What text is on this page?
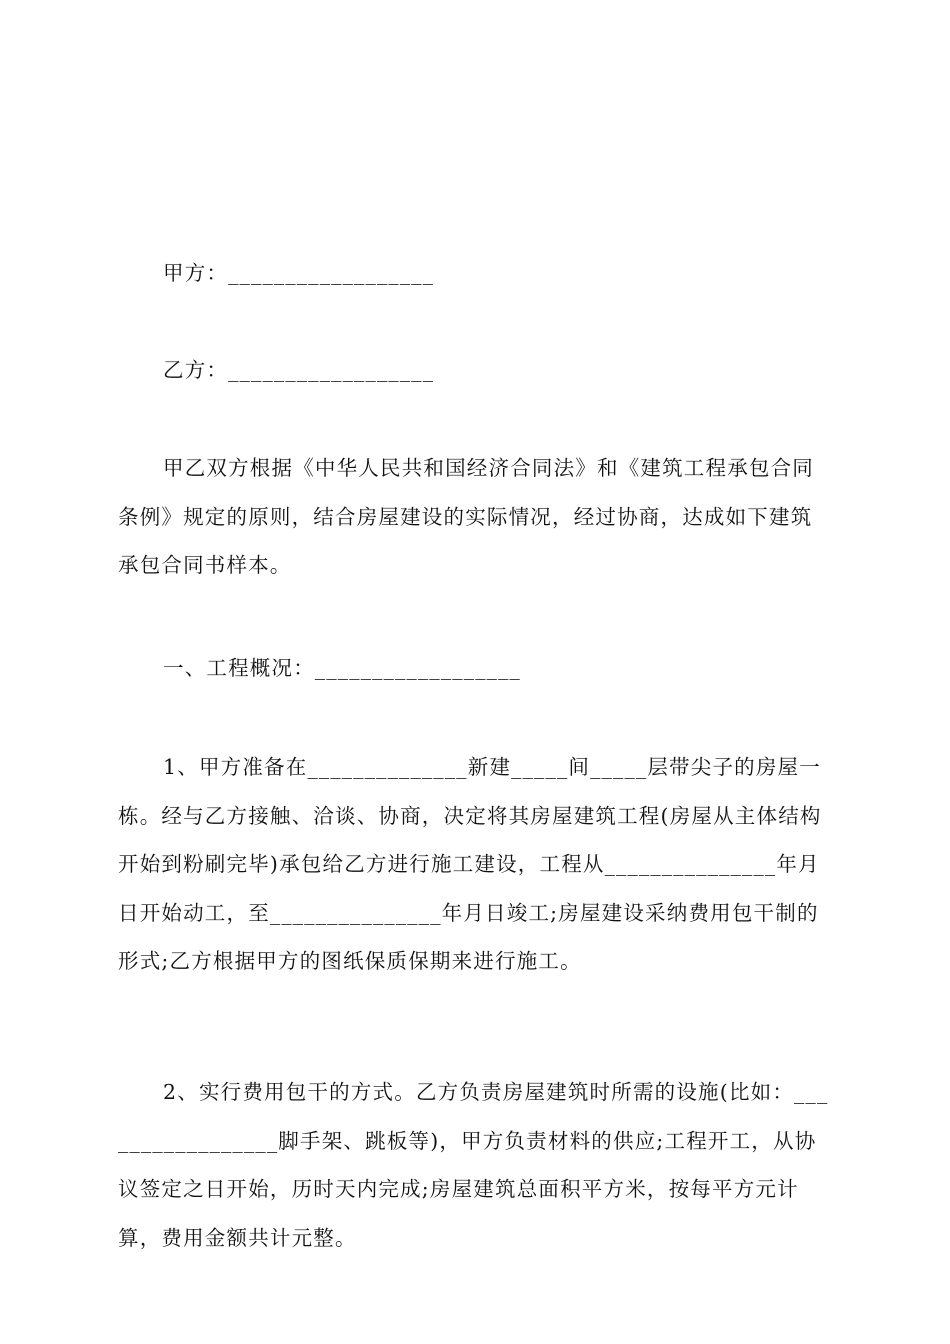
甲方：__________________

乙方：__________________

甲乙双方根据《中华人民共和国经济合同法》和《建筑工程承包合同条例》规定的原则，结合房屋建设的实际情况，经过协商，达成如下建筑承包合同书样本。

一、工程概况：__________________

1、甲方准备在______________新建_____间_____层带尖子的房屋一栋。经与乙方接触、洽谈、协商，决定将其房屋建筑工程(房屋从主体结构开始到粉刷完毕)承包给乙方进行施工建设，工程从_______________年月日开始动工，至_______________年月日竣工;房屋建设采纳费用包干制的形式;乙方根据甲方的图纸保质保期来进行施工。

2、实行费用包干的方式。乙方负责房屋建筑时所需的设施(比如：_________________脚手架、跳板等)，甲方负责材料的供应;工程开工，从协议签定之日开始，历时天内完成;房屋建筑总面积平方米，按每平方元计算，费用金额共计元整。
